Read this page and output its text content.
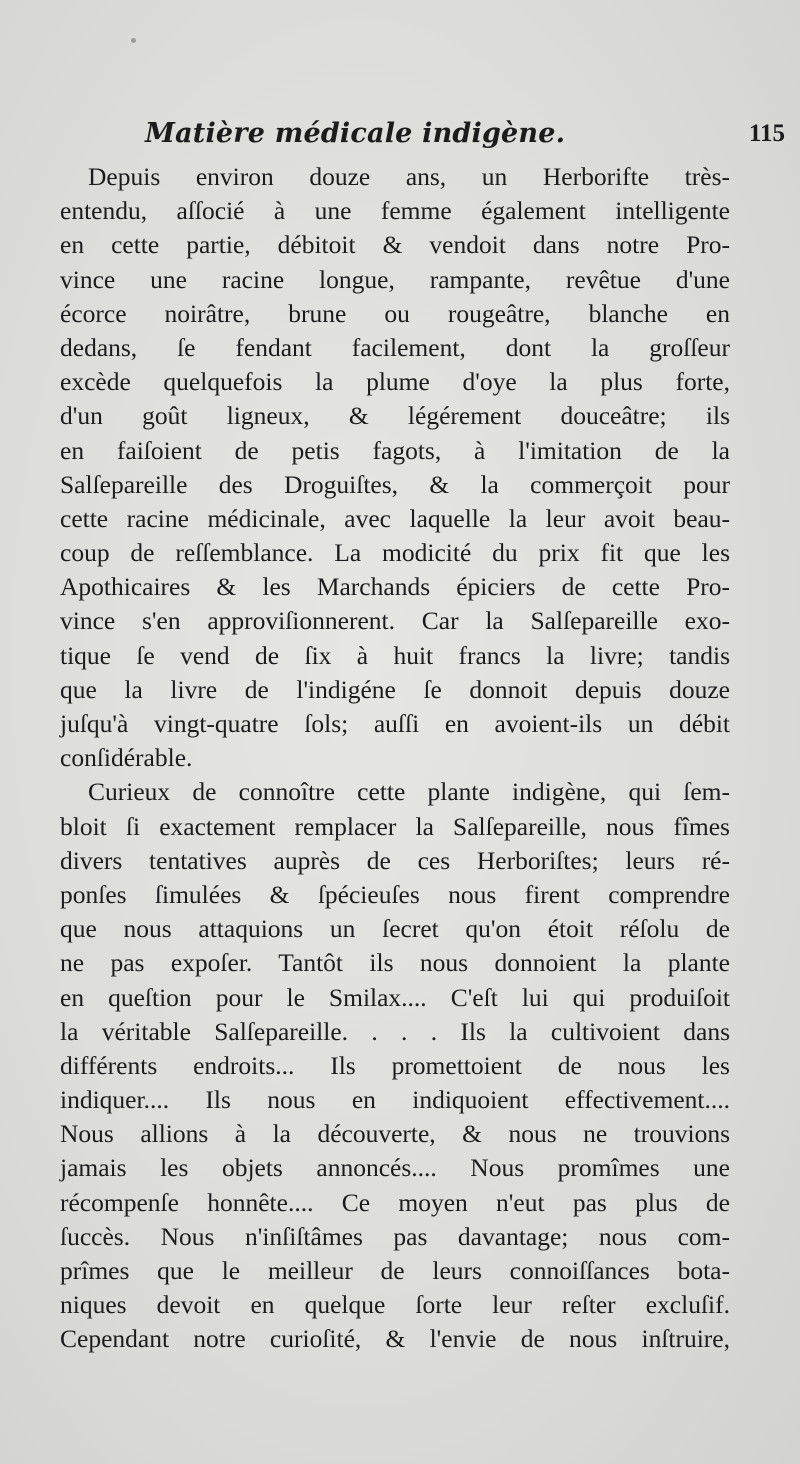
Matière médicale indigène.	115
Depuis environ douze ans, un Herborifte très-
entendu, aſſocié à une femme également intelligente
en cette partie, débitoit & vendoit dans notre Pro-
vince une racine longue, rampante, revêtue d'une
écorce noirâtre, brune ou rougeâtre, blanche en
dedans, ſe fendant facilement, dont la groſſeur
excède quelquefois la plume d'oye la plus forte,
d'un goût ligneux, & légérement douceâtre; ils
en faiſoient de petis fagots, à l'imitation de la
Salſepareille des Droguiſtes, & la commerçoit pour
cette racine médicinale, avec laquelle la leur avoit beau-
coup de reſſemblance. La modicité du prix fit que les
Apothicaires & les Marchands épiciers de cette Pro-
vince s'en approviſionnerent. Car la Salſepareille exo-
tique ſe vend de ſix à huit francs la livre; tandis
que la livre de l'indigéne ſe donnoit depuis douze
juſqu'à vingt-quatre ſols; auſſi en avoient-ils un débit
conſidérable.
Curieux de connoître cette plante indigène, qui ſem-
bloit ſi exactement remplacer la Salſepareille, nous fîmes
divers tentatives auprès de ces Herboriſtes; leurs ré-
ponſes ſimulées & ſpécieuſes nous firent comprendre
que nous attaquions un ſecret qu'on étoit réſolu de
ne pas expoſer. Tantôt ils nous donnoient la plante
en queſtion pour le Smilax.... C'eſt lui qui produiſoit
la véritable Salſepareille. . . . Ils la cultivoient dans
différents endroits... Ils promettoient de nous les
indiquer.... Ils nous en indiquoient effectivement....
Nous allions à la découverte, & nous ne trouvions
jamais les objets annoncés.... Nous promîmes une
récompenſe honnête.... Ce moyen n'eut pas plus de
ſuccès. Nous n'inſiſtâmes pas davantage; nous com-
prîmes que le meilleur de leurs connoiſſances bota-
niques devoit en quelque ſorte leur reſter excluſif.
Cependant notre curioſité, & l'envie de nous inſtruire,
